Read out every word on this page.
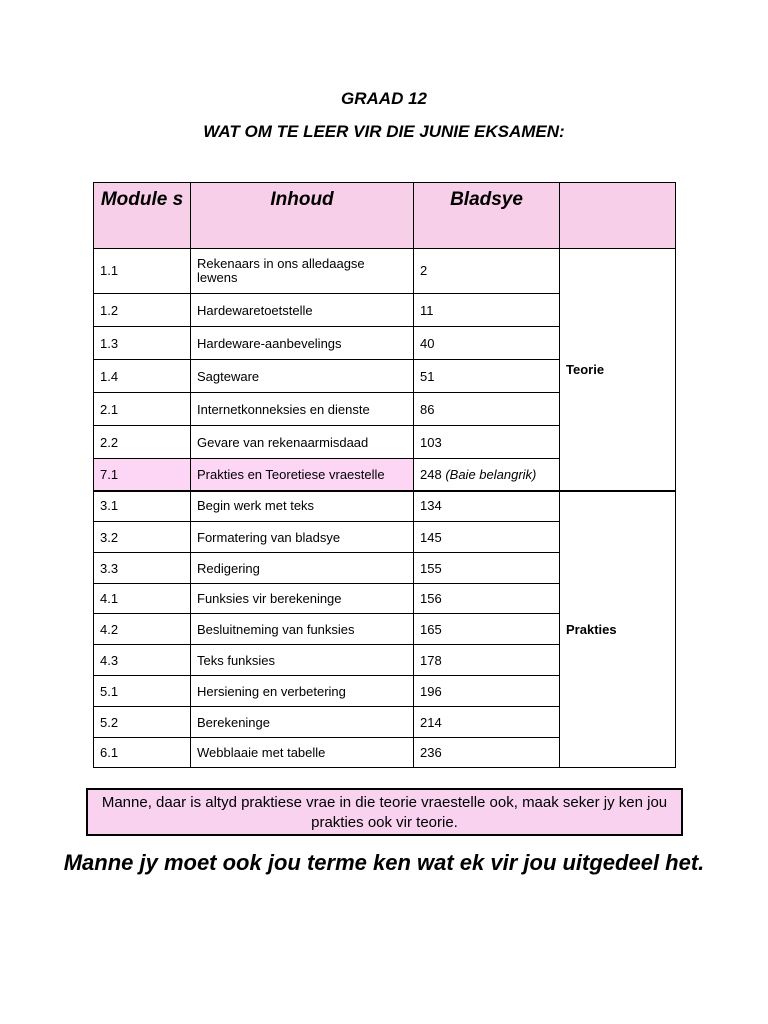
GRAAD 12
WAT OM TE LEER VIR DIE JUNIE EKSAMEN:
Module s	Inhoud	Bladsye	
1.1	Rekenaars in ons alledaagse lewens	2	Teorie
1.2	Hardewaretoetstelle	11	
1.3	Hardeware-aanbevelings	40	
1.4	Sagteware	51	
2.1	Internetkonneksies en dienste	86	
2.2	Gevare van rekenaarmisdaad	103	
7.1	Prakties en Teoretiese vraestelle	248 (Baie belangrik)	
3.1	Begin werk met teks	134	Prakties
3.2	Formatering van bladsye	145	
3.3	Redigering	155	
4.1	Funksies vir berekeninge	156	
4.2	Besluitneming van funksies	165	
4.3	Teks funksies	178	
5.1	Hersiening en verbetering	196	
5.2	Berekeninge	214	
6.1	Webblaaie met tabelle	236	
Manne, daar is altyd praktiese vrae in die teorie vraestelle ook, maak seker jy ken jou prakties ook vir teorie.
Manne jy moet ook jou terme ken wat ek vir jou uitgedeel het.
